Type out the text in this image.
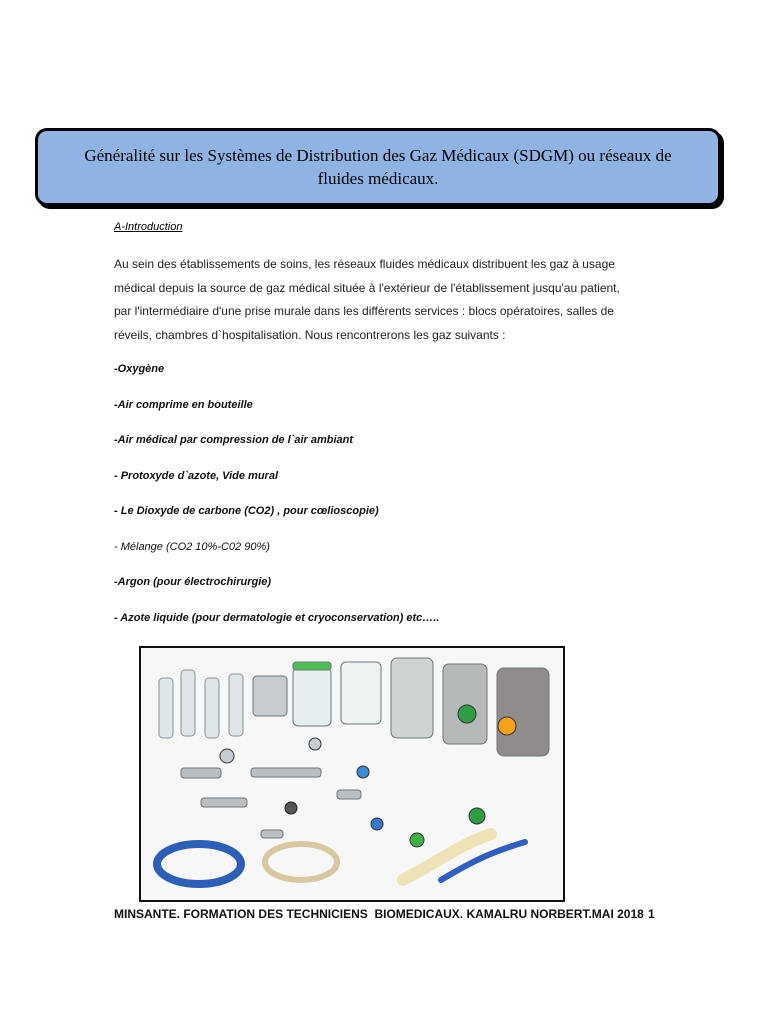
Généralité sur les Systèmes de Distribution des Gaz Médicaux (SDGM) ou réseaux de
fluides médicaux.
A-Introduction
Au sein des établissements de soins, les réseaux fluides médicaux distribuent les gaz à usage
médical depuis la source de gaz médical située à l'extérieur de l'établissement jusqu'au patient,
par l'intermédiaire d'une prise murale dans les différents services : blocs opératoires, salles de
réveils, chambres d`hospitalisation. Nous rencontrerons les gaz suivants :
-Oxygène
-Air comprime en bouteille
-Air médical par compression de l`air ambiant
- Protoxyde d`azote, Vide mural
- Le Dioxyde de carbone (CO2) , pour cœlioscopie)
- Mélange (CO2 10%-C02 90%)
-Argon (pour électrochirurgie)
- Azote liquide (pour dermatologie et cryoconservation) etc…..
MINSANTE. FORMATION DES TECHNICIENS  BIOMEDICAUX. KAMALRU NORBERT.MAI 2018 1
